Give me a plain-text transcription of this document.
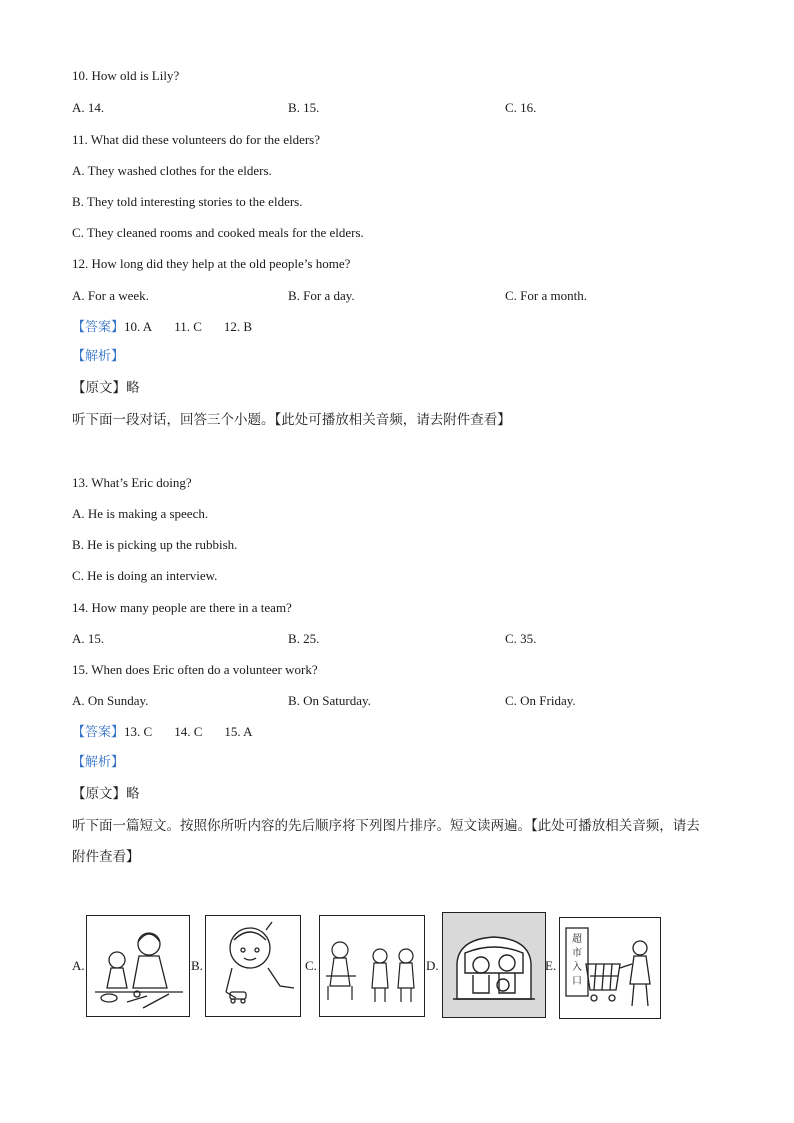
10. How old is Lily?
A. 14.	B. 15.	C. 16.
11. What did these volunteers do for the elders?
A. They washed clothes for the elders.
B. They told interesting stories to the elders.
C. They cleaned rooms and cooked meals for the elders.
12. How long did they help at the old people’s home?
A. For a week.	B. For a day.	C. For a month.
【答案】10. A 11. C 12. B
【解析】
【原文】略
听下面一段对话，回答三个小题。【此处可播放相关音频，请去附件查看】
13. What’s Eric doing?
A. He is making a speech.
B. He is picking up the rubbish.
C. He is doing an interview.
14. How many people are there in a team?
A. 15.	B. 25.	C. 35.
15. When does Eric often do a volunteer work?
A. On Sunday.	B. On Saturday.	C. On Friday.
【答案】13. C 14. C 15. A
【解析】
【原文】略
听下面一篇短文。按照你所听内容的先后顺序将下列图片排序。短文读两遍。【此处可播放相关音频，请去
附件查看】
A.	B.	C.	D.	E.
超
市
入
口
